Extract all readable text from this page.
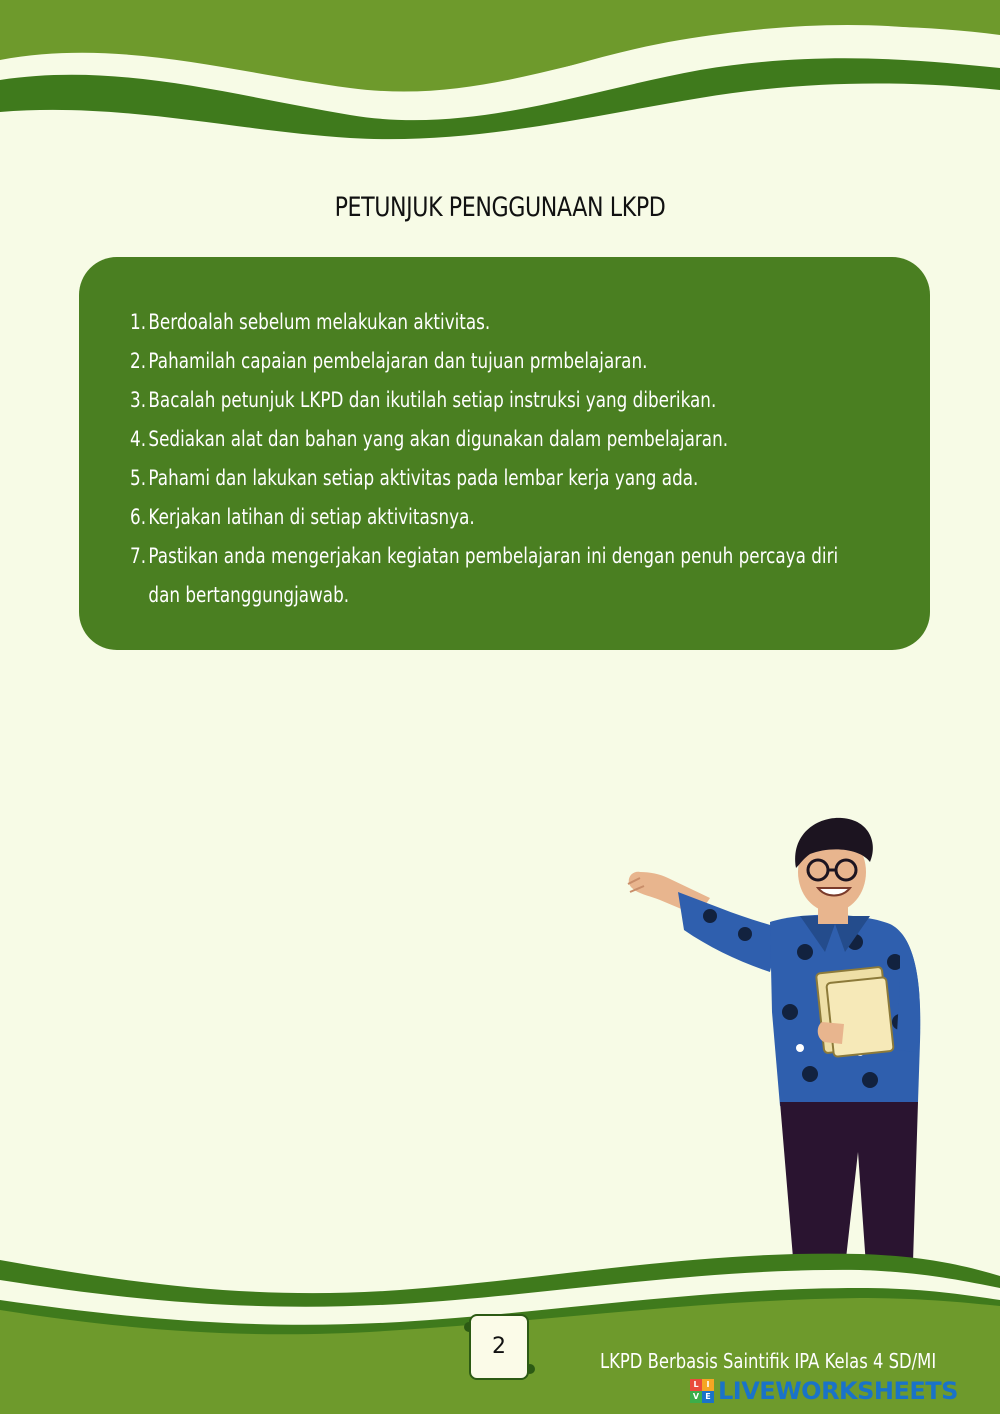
PETUNJUK PENGGUNAAN LKPD
1. Berdoalah sebelum melakukan aktivitas.
2. Pahamilah capaian pembelajaran dan tujuan prmbelajaran.
3. Bacalah petunjuk LKPD dan ikutilah setiap instruksi yang diberikan.
4. Sediakan alat dan bahan yang akan digunakan dalam pembelajaran.
5. Pahami dan lakukan setiap aktivitas pada lembar kerja yang ada.
6. Kerjakan latihan di setiap aktivitasnya.
7. Pastikan anda mengerjakan kegiatan pembelajaran ini dengan penuh percaya diri
dan bertanggungjawab.
2
LKPD Berbasis Saintifik IPA Kelas 4 SD/MI
L I
V E LIVEWORKSHEETS
